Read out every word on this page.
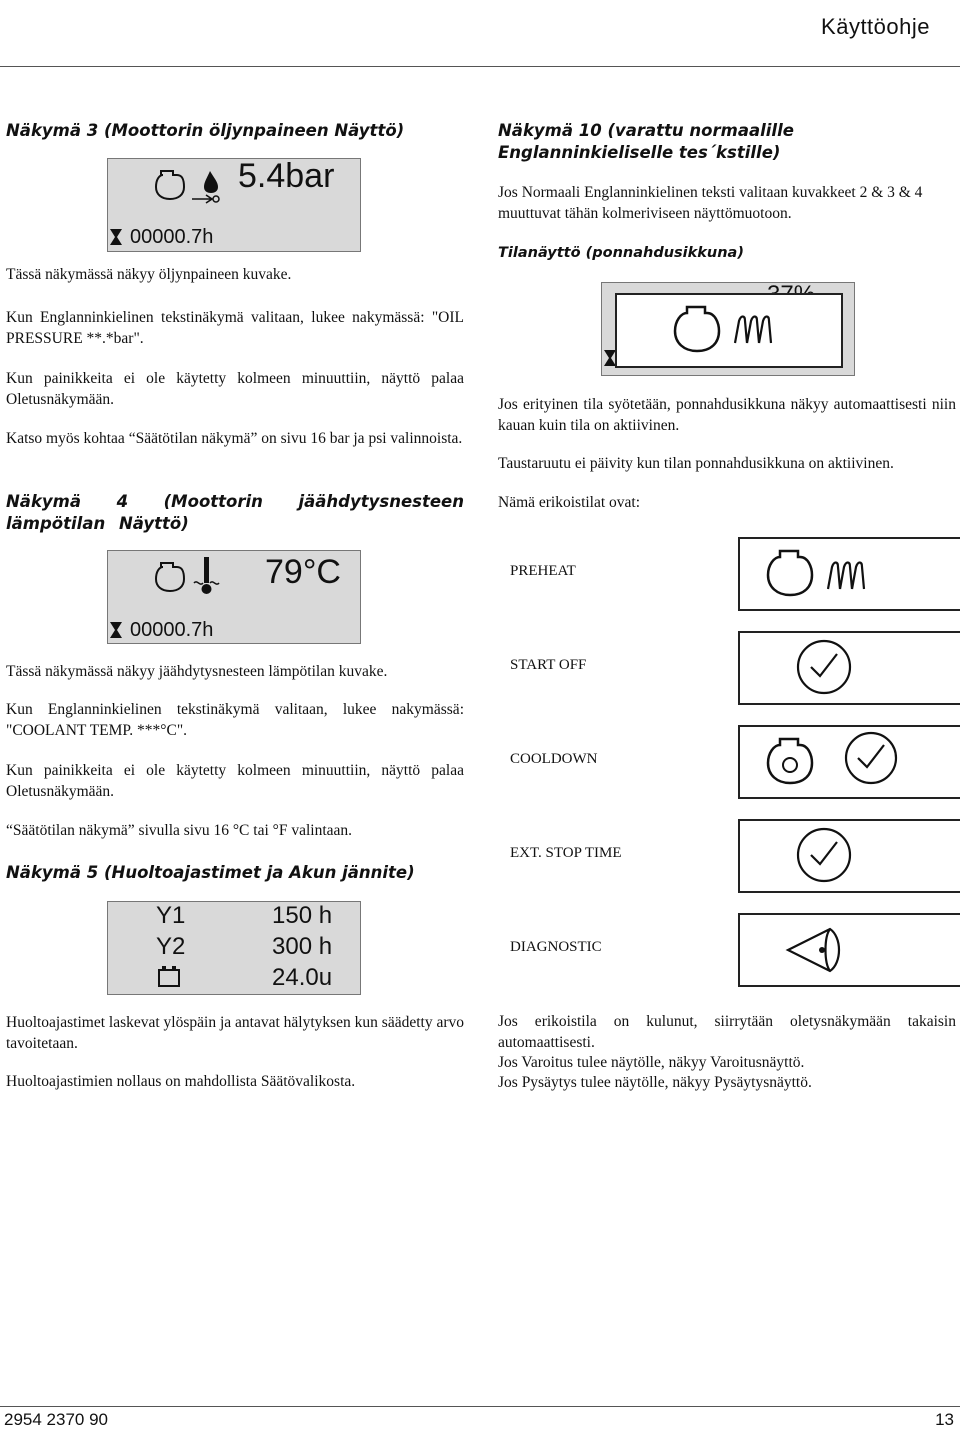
Käyttöohje
Näkymä 3 (Moottorin öljynpaineen Näyttö)
5.4bar
00000.7h
Tässä näkymässä näkyy öljynpaineen kuvake.
Kun Englanninkielinen tekstinäkymä valitaan, lukee nakymässä: "OIL PRESSURE **.*bar".
Kun painikkeita ei ole käytetty kolmeen minuuttiin, näyttö palaa Oletusnäkymään.
Katso myös kohtaa “Säätötilan näkymä” on sivu 16 bar ja psi valinnoista.
Näkymä 4 (Moottorin jäähdytysnesteen lämpötilan Näyttö)
79°C
00000.7h
Tässä näkymässä näkyy jäähdytysnesteen lämpötilan kuvake.
Kun Englanninkielinen tekstinäkymä valitaan, lukee nakymässä: "COOLANT TEMP. ***°C".
Kun painikkeita ei ole käytetty kolmeen minuuttiin, näyttö palaa Oletusnäkymään.
“Säätötilan näkymä” sivulla sivu 16 °C tai °F valintaan.
Näkymä 5 (Huoltoajastimet ja Akun jännite)
Y1	150 h
Y2	300 h
24.0u
Huoltoajastimet laskevat ylöspäin ja antavat hälytyksen kun säädetty arvo tavoitetaan.
Huoltoajastimien nollaus on mahdollista Säätövalikosta.
Näkymä 10 (varattu normaalille Englanninkieliselle tes´kstille)
Jos Normaali Englanninkielinen teksti valitaan kuvakkeet 2 & 3 & 4 muuttuvat tähän kolmeriviseen näyttömuotoon.
Tilanäyttö (ponnahdusikkuna)
Jos erityinen tila syötetään, ponnahdusikkuna näkyy automaattisesti niin kauan kuin tila on aktiivinen.
Taustaruutu ei päivity kun tilan ponnahdusikkuna on aktiivinen.
Nämä erikoistilat ovat:
PREHEAT
START OFF
COOLDOWN
EXT. STOP TIME
DIAGNOSTIC
Jos erikoistila on kulunut, siirrytään oletysnäkymään takaisin automaattisesti.
Jos Varoitus tulee näytölle, näkyy Varoitusnäyttö.
Jos Pysäytys tulee näytölle, näkyy Pysäytysnäyttö.
2954 2370 90	13
